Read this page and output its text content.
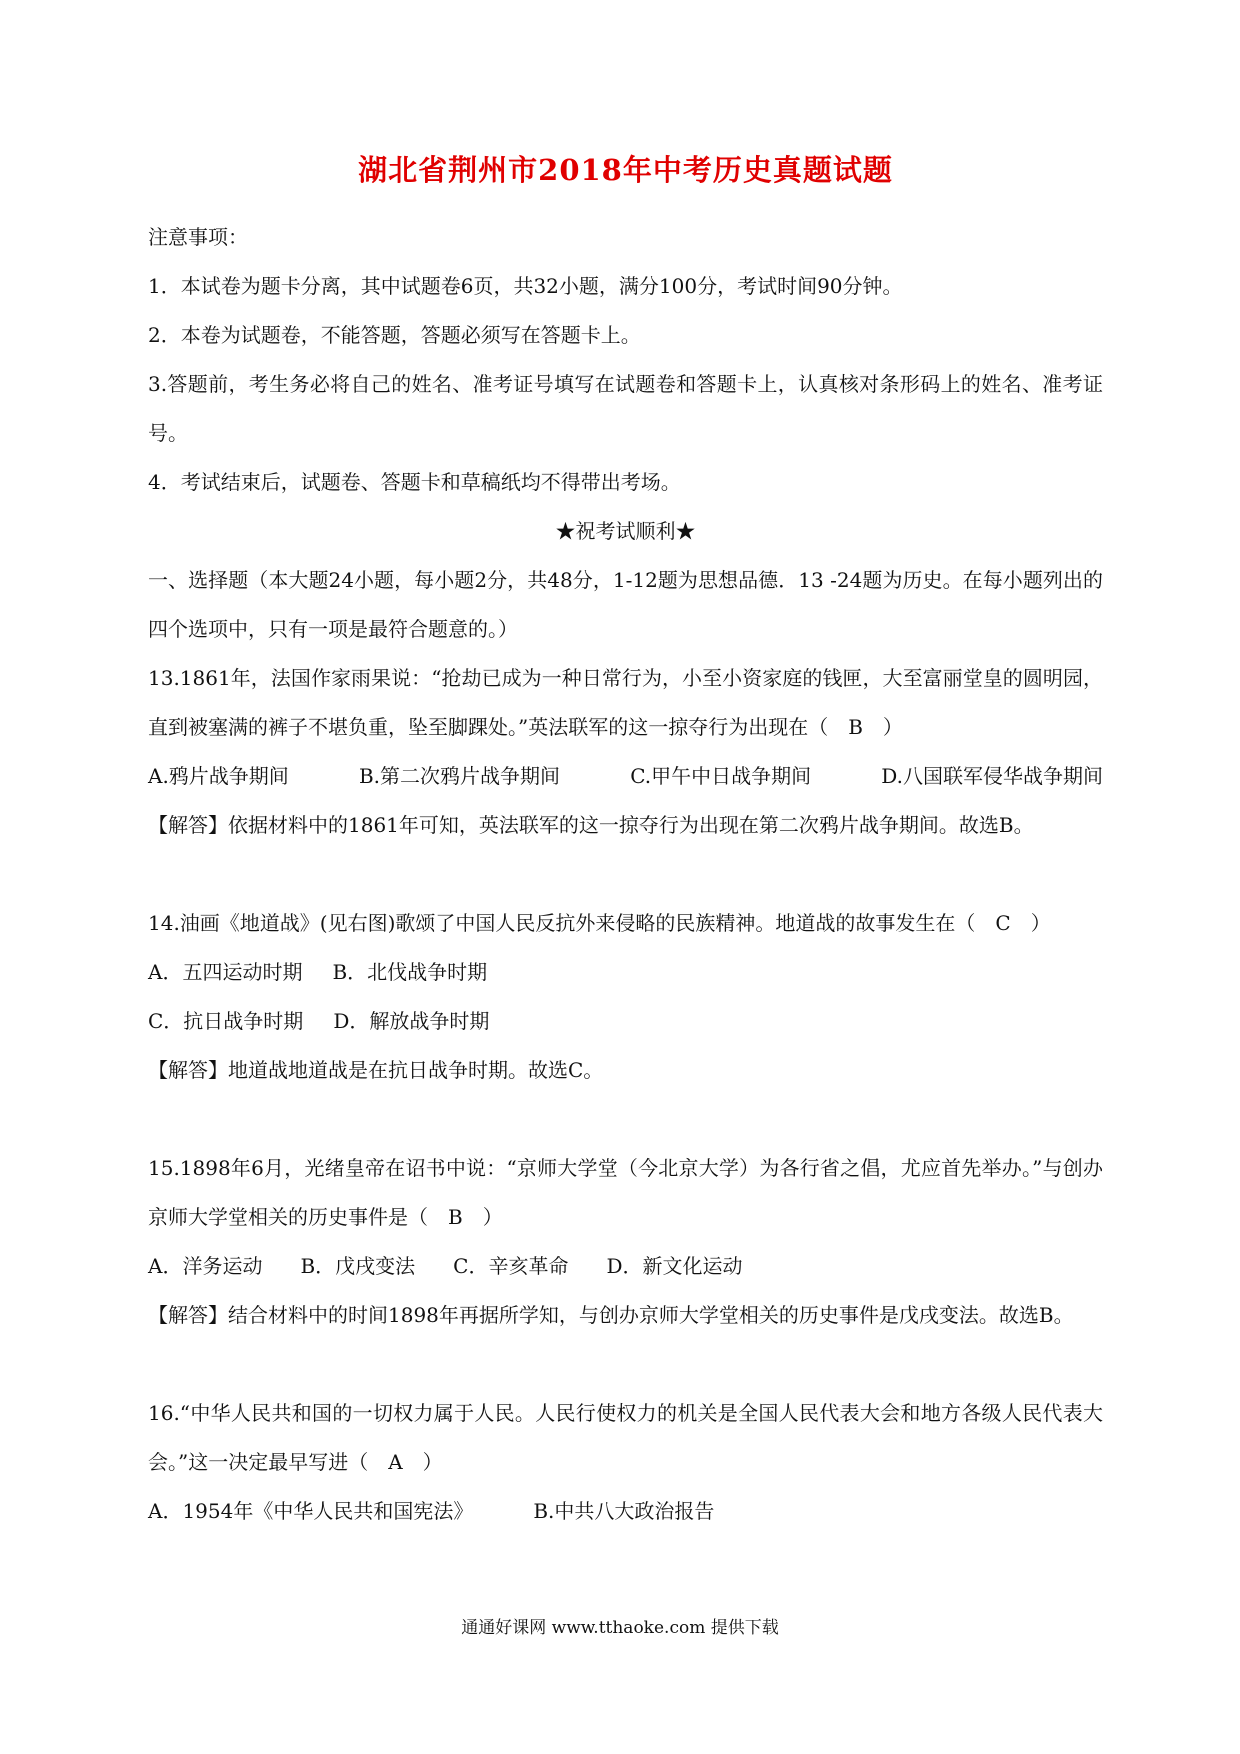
湖北省荆州市2018年中考历史真题试题

注意事项：

1．本试卷为题卡分离，其中试题卷6页，共32小题，满分100分，考试时间90分钟。

2．本卷为试题卷，不能答题，答题必须写在答题卡上。

3.答题前，考生务必将自己的姓名、准考证号填写在试题卷和答题卡上，认真核对条形码上的姓名、准考证号。

4．考试结束后，试题卷、答题卡和草稿纸均不得带出考场。

★祝考试顺利★

一、选择题（本大题24小题，每小题2分，共48分，1-12题为思想品德．13 -24题为历史。在每小题列出的四个选项中，只有一项是最符合题意的。）

13.1861年，法国作家雨果说：“抢劫已成为一种日常行为，小至小资家庭的钱匣，大至富丽堂皇的圆明园，直到被塞满的裤子不堪负重，坠至脚踝处。”英法联军的这一掠夺行为出现在（　B　）

A.鸦片战争期间	B.第二次鸦片战争期间	C.甲午中日战争期间	D.八国联军侵华战争期间

【解答】依据材料中的1861年可知，英法联军的这一掠夺行为出现在第二次鸦片战争期间。故选B。

14.油画《地道战》(见右图)歌颂了中国人民反抗外来侵略的民族精神。地道战的故事发生在（　C　）

A．五四运动时期 B．北伐战争时期
C．抗日战争时期 D．解放战争时期

【解答】地道战地道战是在抗日战争时期。故选C。

15.1898年6月，光绪皇帝在诏书中说：“京师大学堂（今北京大学）为各行省之倡，尤应首先举办。”与创办京师大学堂相关的历史事件是（　B　）

A．洋务运动 B．戊戌变法 C．辛亥革命 D．新文化运动

【解答】结合材料中的时间1898年再据所学知，与创办京师大学堂相关的历史事件是戊戌变法。故选B。

16.“中华人民共和国的一切权力属于人民。人民行使权力的机关是全国人民代表大会和地方各级人民代表大会。”这一决定最早写进（　A　）

A．1954年《中华人民共和国宪法》	B.中共八大政治报告
通通好课网 www.tthaoke.com 提供下载
